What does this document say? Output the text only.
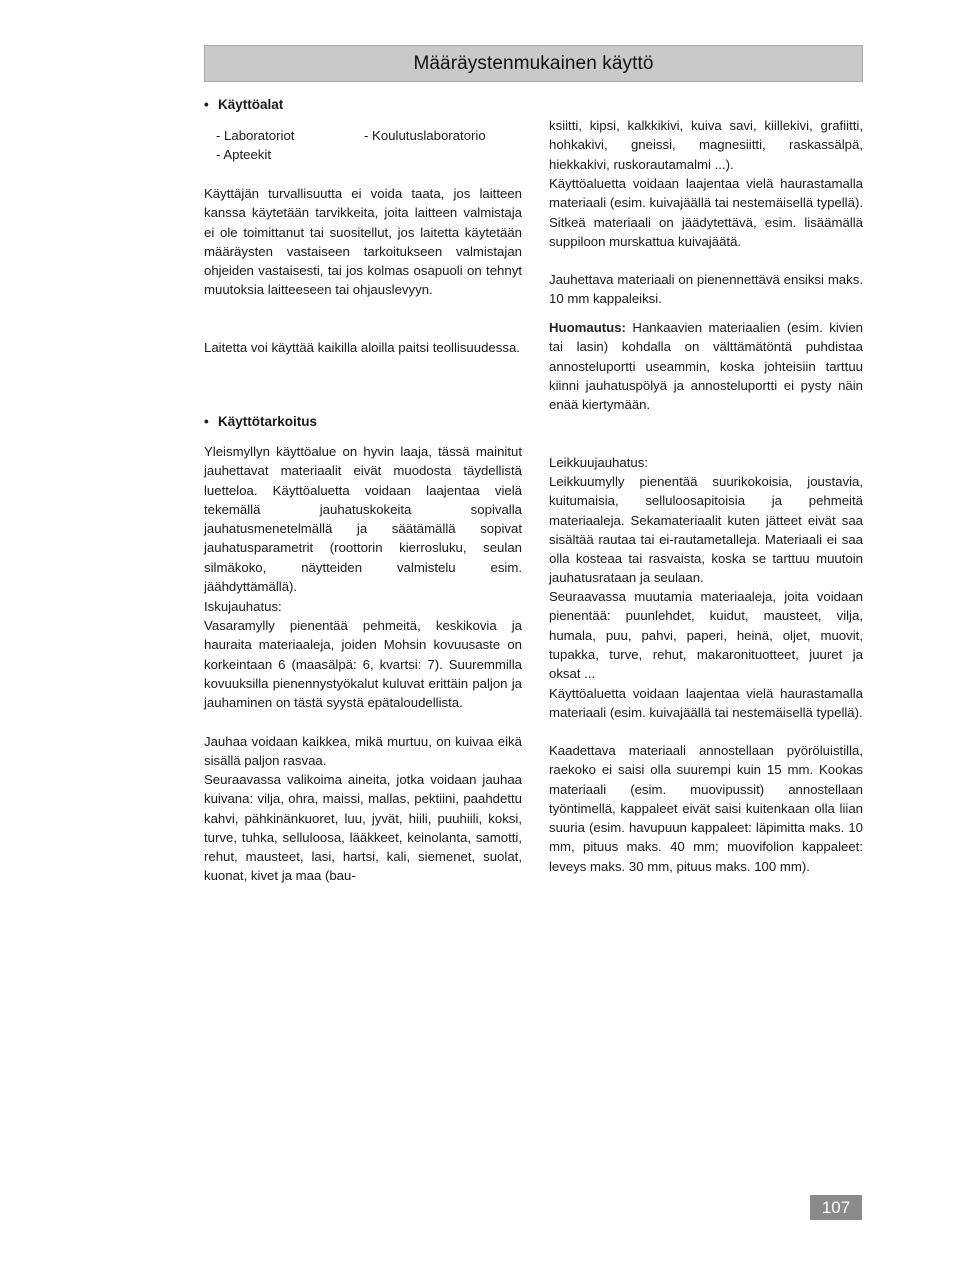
Määräystenmukainen käyttö
• Käyttöalat
- Laboratoriot	- Koulutuslaboratorio
- Apteekit

Käyttäjän turvallisuutta ei voida taata, jos laitteen kanssa käytetään tarvikkeita, joita laitteen valmistaja ei ole toimittanut tai suositellut, jos laitetta käytetään määräysten vastaiseen tarkoitukseen valmistajan ohjeiden vastaisesti, tai jos kolmas osapuoli on tehnyt muutoksia laitteeseen tai ohjauslevyyn.

Laitetta voi käyttää kaikilla aloilla paitsi teollisuudessa.

• Käyttötarkoitus

Yleismyllyn käyttöalue on hyvin laaja, tässä mainitut jauhettavat materiaalit eivät muodosta täydellistä luetteloa. Käyttöaluetta voidaan laajentaa vielä tekemällä jauhatuskokeita sopivalla jauhatusmenetelmällä ja säätämällä sopivat jauhatusparametrit (roottorin kierrosluku, seulan silmäkoko, näytteiden valmistelu esim. jäähdyttämällä).

Iskujauhatus:

Vasaramylly pienentää pehmeitä, keskikovia ja hauraita materiaaleja, joiden Mohsin kovuusaste on korkeintaan 6 (maasälpä: 6, kvartsi: 7). Suuremmilla kovuuksilla pienennystyökalut kuluvat erittäin paljon ja jauhaminen on tästä syystä epätaloudellista.

Jauhaa voidaan kaikkea, mikä murtuu, on kuivaa eikä sisällä paljon rasvaa.

Seuraavassa valikoima aineita, jotka voidaan jauhaa kuivana: vilja, ohra, maissi, mallas, pektiini, paahdettu kahvi, pähkinänkuoret, luu, jyvät, hiili, puuhiili, koksi, turve, tuhka, selluloosa, lääkkeet, keinolanta, samotti, rehut, mausteet, lasi, hartsi, kali, siemenet, suolat, kuonat, kivet ja maa (bau-

ksiitti, kipsi, kalkkikivi, kuiva savi, kiillekivi, grafiitti, hohkakivi, gneissi, magnesiitti, raskassälpä, hiekkakivi, ruskorautamalmi ...).

Käyttöaluetta voidaan laajentaa vielä haurastamalla materiaali (esim. kuivajäällä tai nestemäisellä typellä). Sitkeä materiaali on jäädytettävä, esim. lisäämällä suppiloon murskattua kuivajäätä.

Jauhettava materiaali on pienennettävä ensiksi maks. 10 mm kappaleiksi.

Huomautus: Hankaavien materiaalien (esim. kivien tai lasin) kohdalla on välttämätöntä puhdistaa annosteluportti useammin, koska johteisiin tarttuu kiinni jauhatuspölyä ja annosteluportti ei pysty näin enää kiertymään.

Leikkuujauhatus:

Leikkuumylly pienentää suurikokoisia, joustavia, kuitumaisia, selluloosapitoisia ja pehmeitä materiaaleja. Sekamateriaalit kuten jätteet eivät saa sisältää rautaa tai ei-rautametalleja. Materiaali ei saa olla kosteaa tai rasvaista, koska se tarttuu muutoin jauhatusrataan ja seulaan.

Seuraavassa muutamia materiaaleja, joita voidaan pienentää: puunlehdet, kuidut, mausteet, vilja, humala, puu, pahvi, paperi, heinä, oljet, muovit, tupakka, turve, rehut, makaronituotteet, juuret ja oksat ...

Käyttöaluetta voidaan laajentaa vielä haurastamalla materiaali (esim. kuivajäällä tai nestemäisellä typellä).

Kaadettava materiaali annostellaan pyöröluistilla, raekoko ei saisi olla suurempi kuin 15 mm. Kookas materiaali (esim. muovipussit) annostellaan työntimellä, kappaleet eivät saisi kuitenkaan olla liian suuria (esim. havupuun kappaleet: läpimitta maks. 10 mm, pituus maks. 40 mm; muovifolion kappaleet: leveys maks. 30 mm, pituus maks. 100 mm).

107
